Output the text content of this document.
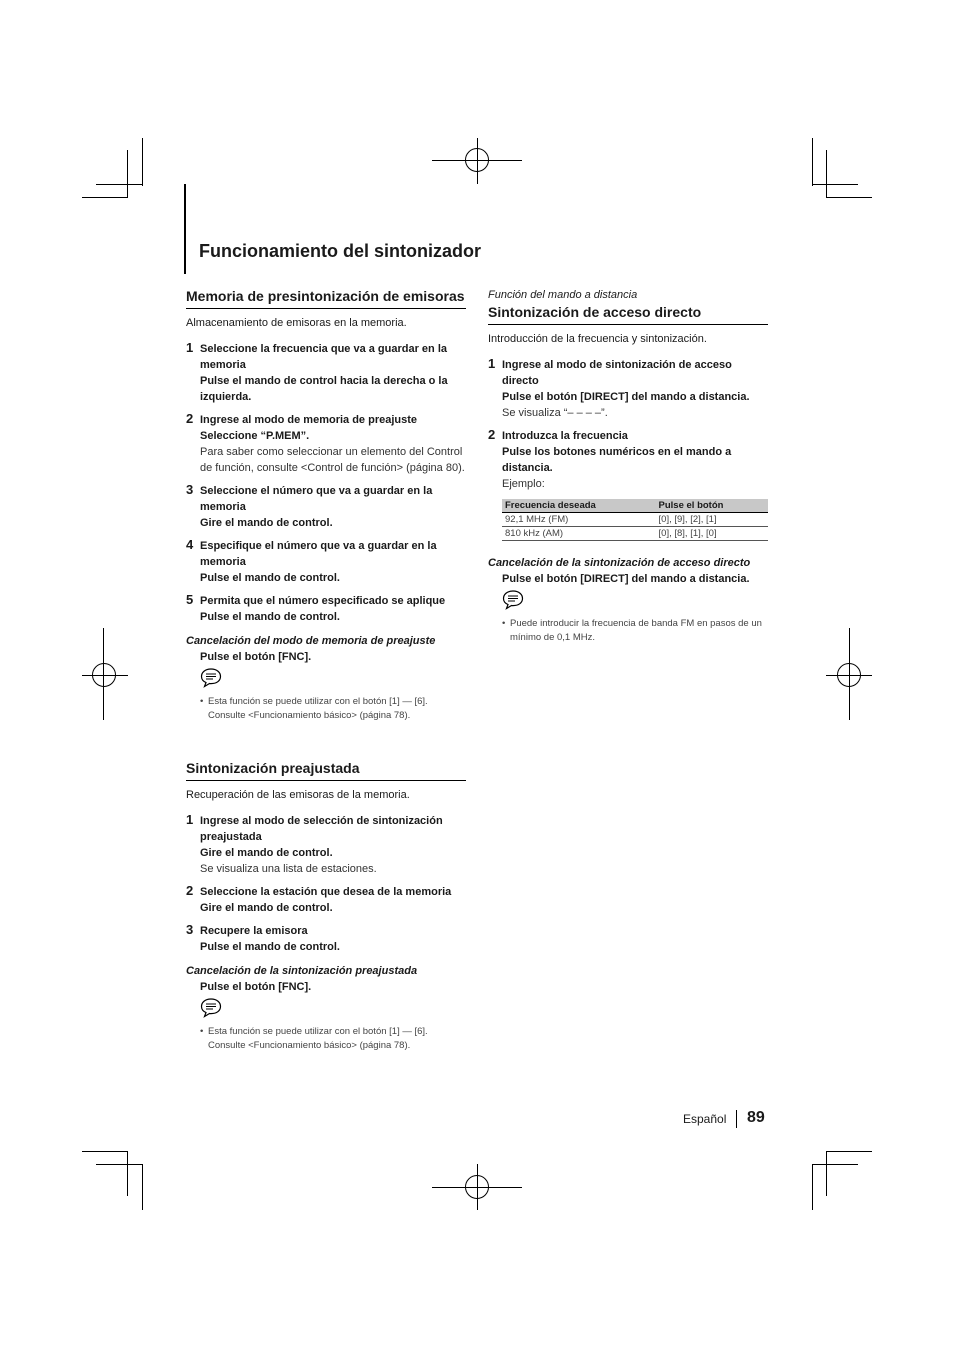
Funcionamiento del sintonizador
Memoria de presintonización de emisoras

Almacenamiento de emisoras en la memoria.

1 Seleccione la frecuencia que va a guardar en la memoria
Pulse el mando de control hacia la derecha o la izquierda.
2 Ingrese al modo de memoria de preajuste
Seleccione “P.MEM”.
Para saber como seleccionar un elemento del Control de función, consulte <Control de función> (página 80).
3 Seleccione el número que va a guardar en la memoria
Gire el mando de control.
4 Especifique el número que va a guardar en la memoria
Pulse el mando de control.
5 Permita que el número especificado se aplique
Pulse el mando de control.

Cancelación del modo de memoria de preajuste

Pulse el botón [FNC].
• Esta función se puede utilizar con el botón [1] — [6]. Consulte <Funcionamiento básico> (página 78).
Sintonización preajustada

Recuperación de las emisoras de la memoria.

1 Ingrese al modo de selección de sintonización preajustada
Gire el mando de control.
Se visualiza una lista de estaciones.
2 Seleccione la estación que desea de la memoria
Gire el mando de control.
3 Recupere la emisora
Pulse el mando de control.

Cancelación de la sintonización preajustada

Pulse el botón [FNC].
• Esta función se puede utilizar con el botón [1] — [6]. Consulte <Funcionamiento básico> (página 78).

Función del mando a distancia

Sintonización de acceso directo

Introducción de la frecuencia y sintonización.

1 Ingrese al modo de sintonización de acceso directo
Pulse el botón [DIRECT] del mando a distancia.
Se visualiza “– – – –”.
2 Introduzca la frecuencia
Pulse los botones numéricos en el mando a distancia.
Ejemplo:
Frecuencia deseada	Pulse el botón
92,1 MHz (FM)	[0], [9], [2], [1]
810 kHz (AM)	[0], [8], [1], [0]

Cancelación de la sintonización de acceso directo

Pulse el botón [DIRECT] del mando a distancia.
• Puede introducir la frecuencia de banda FM en pasos de un mínimo de 0,1 MHz.
Español 89
